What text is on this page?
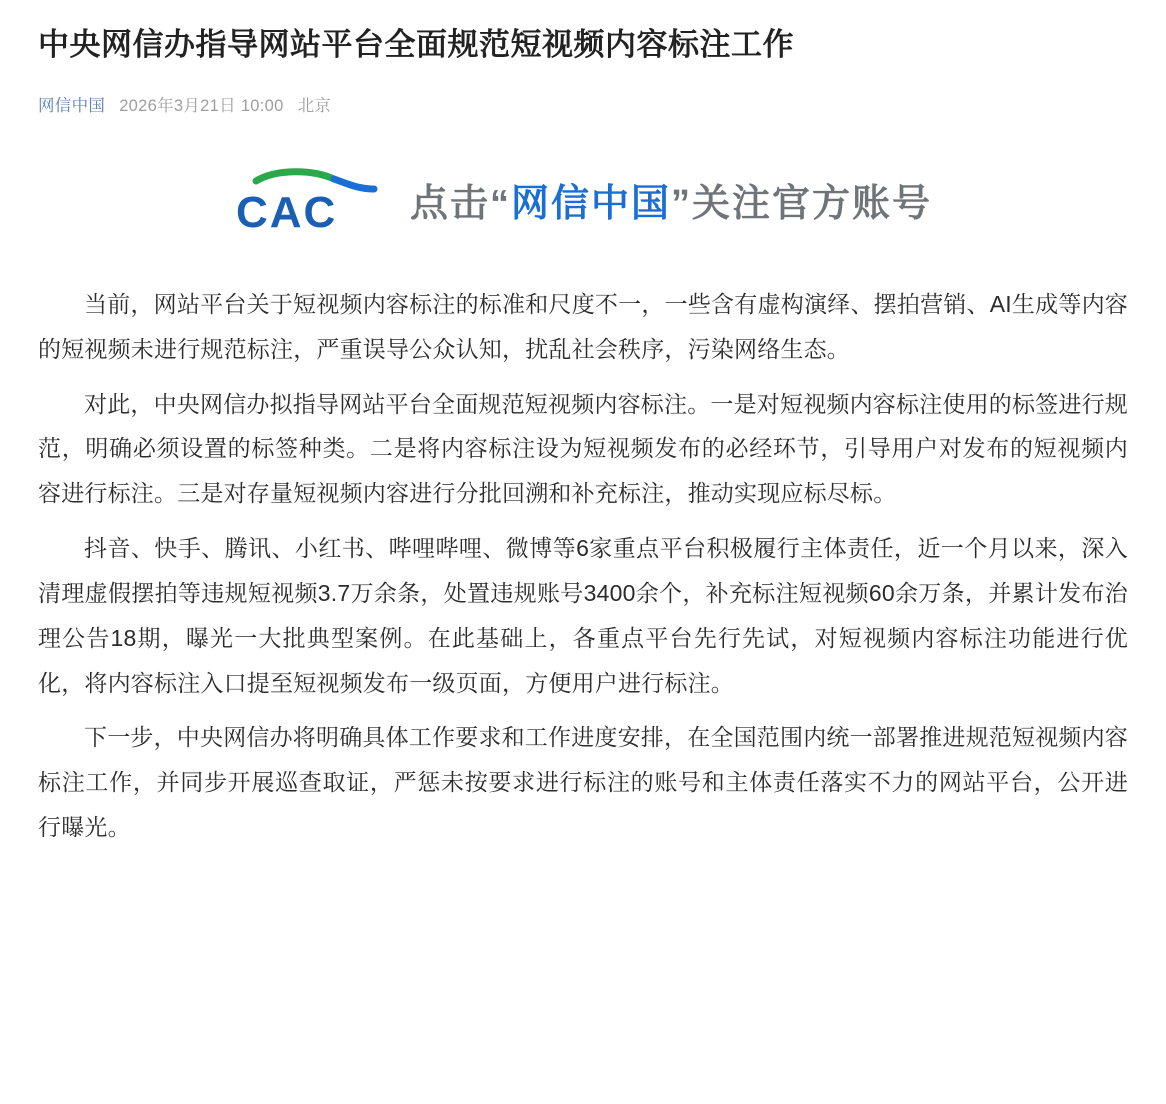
中央网信办指导网站平台全面规范短视频内容标注工作
网信中国 2026年3月21日 10:00 北京
CAC 点击“网信中国”关注官方账号

当前，网站平台关于短视频内容标注的标准和尺度不一，一些含有虚构演绎、摆拍营销、AI生成等内容的短视频未进行规范标注，严重误导公众认知，扰乱社会秩序，污染网络生态。

对此，中央网信办拟指导网站平台全面规范短视频内容标注。一是对短视频内容标注使用的标签进行规范，明确必须设置的标签种类。二是将内容标注设为短视频发布的必经环节，引导用户对发布的短视频内容进行标注。三是对存量短视频内容进行分批回溯和补充标注，推动实现应标尽标。

抖音、快手、腾讯、小红书、哔哩哔哩、微博等6家重点平台积极履行主体责任，近一个月以来，深入清理虚假摆拍等违规短视频3.7万余条，处置违规账号3400余个，补充标注短视频60余万条，并累计发布治理公告18期，曝光一大批典型案例。在此基础上，各重点平台先行先试，对短视频内容标注功能进行优化，将内容标注入口提至短视频发布一级页面，方便用户进行标注。

下一步，中央网信办将明确具体工作要求和工作进度安排，在全国范围内统一部署推进规范短视频内容标注工作，并同步开展巡查取证，严惩未按要求进行标注的账号和主体责任落实不力的网站平台，公开进行曝光。
